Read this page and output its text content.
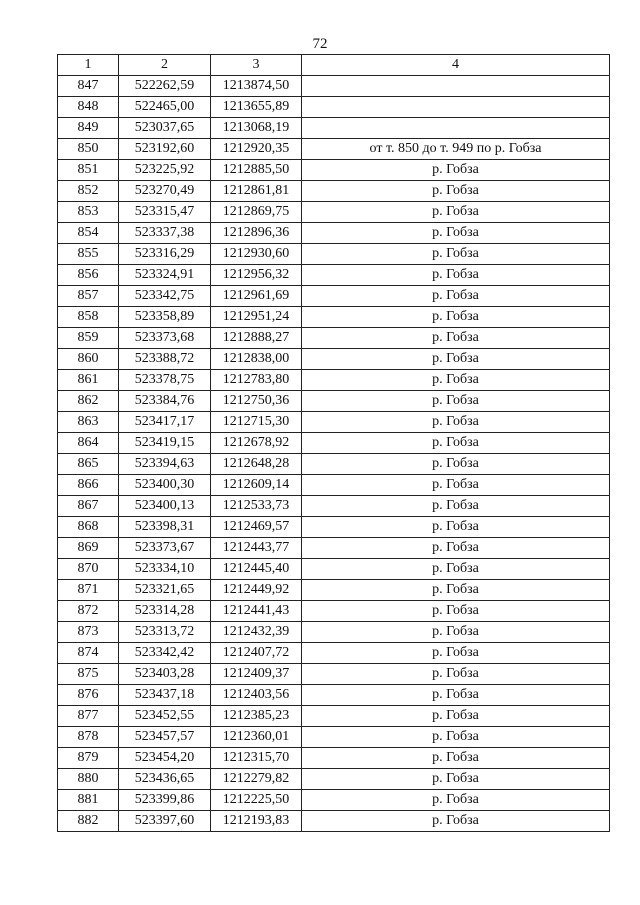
72
1	2	3	4
847	522262,59	1213874,50	
848	522465,00	1213655,89	
849	523037,65	1213068,19	
850	523192,60	1212920,35	от т. 850 до т. 949 по р. Гобза
851	523225,92	1212885,50	р. Гобза
852	523270,49	1212861,81	р. Гобза
853	523315,47	1212869,75	р. Гобза
854	523337,38	1212896,36	р. Гобза
855	523316,29	1212930,60	р. Гобза
856	523324,91	1212956,32	р. Гобза
857	523342,75	1212961,69	р. Гобза
858	523358,89	1212951,24	р. Гобза
859	523373,68	1212888,27	р. Гобза
860	523388,72	1212838,00	р. Гобза
861	523378,75	1212783,80	р. Гобза
862	523384,76	1212750,36	р. Гобза
863	523417,17	1212715,30	р. Гобза
864	523419,15	1212678,92	р. Гобза
865	523394,63	1212648,28	р. Гобза
866	523400,30	1212609,14	р. Гобза
867	523400,13	1212533,73	р. Гобза
868	523398,31	1212469,57	р. Гобза
869	523373,67	1212443,77	р. Гобза
870	523334,10	1212445,40	р. Гобза
871	523321,65	1212449,92	р. Гобза
872	523314,28	1212441,43	р. Гобза
873	523313,72	1212432,39	р. Гобза
874	523342,42	1212407,72	р. Гобза
875	523403,28	1212409,37	р. Гобза
876	523437,18	1212403,56	р. Гобза
877	523452,55	1212385,23	р. Гобза
878	523457,57	1212360,01	р. Гобза
879	523454,20	1212315,70	р. Гобза
880	523436,65	1212279,82	р. Гобза
881	523399,86	1212225,50	р. Гобза
882	523397,60	1212193,83	р. Гобза
